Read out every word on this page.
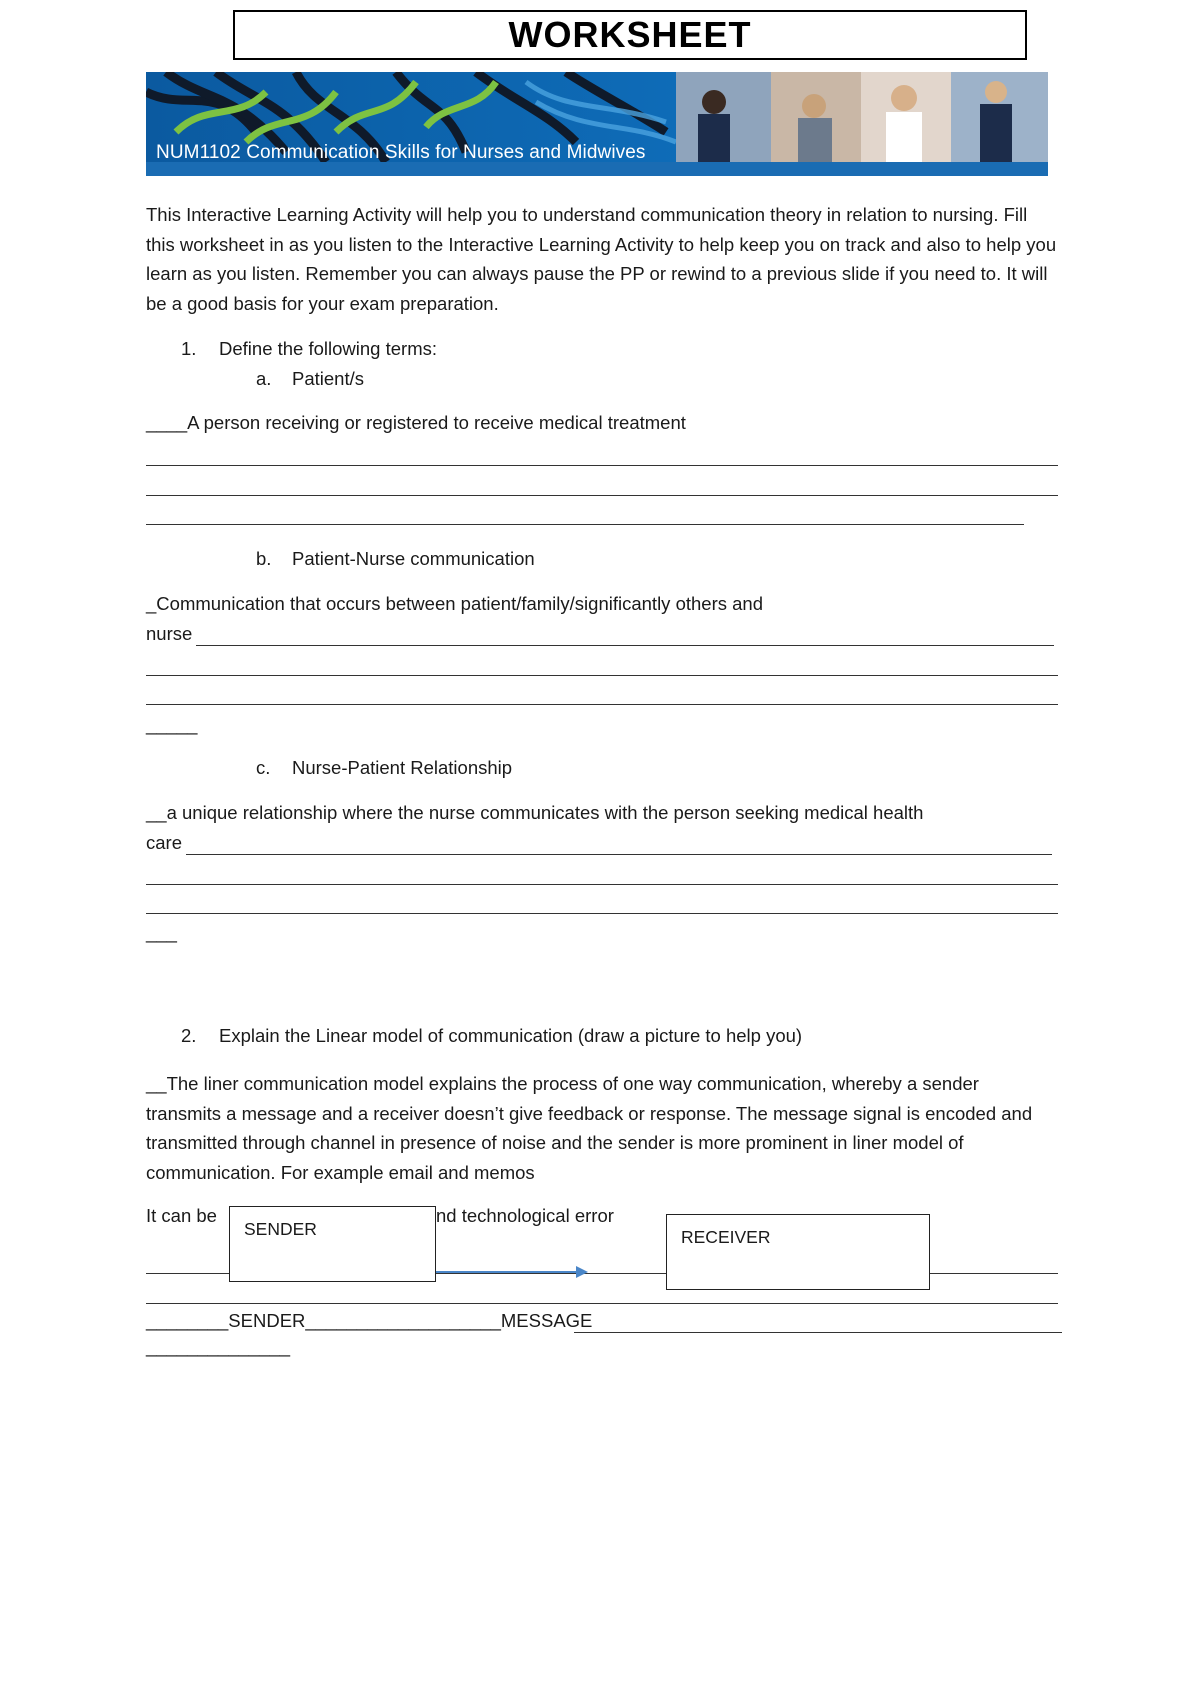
WORKSHEET
NUM1102 Communication Skills for Nurses and Midwives
This Interactive Learning Activity will help you to understand communication theory in relation to nursing. Fill this worksheet in as you listen to the Interactive Learning Activity to help keep you on track and also to help you learn as you listen. Remember you can always pause the PP or rewind to a previous slide if you need to. It will be a good basis for your exam preparation.
1. Define the following terms:
a. Patient/s
____A person receiving or registered to receive medical treatment
b. Patient-Nurse communication
_Communication that occurs between patient/family/significantly others and
nurse
_____
c. Nurse-Patient Relationship
__a unique relationship where the nurse communicates with the person seeking medical health
care
___
2. Explain the Linear model of communication (draw a picture to help you)
__The liner communication model explains the process of one way communication, whereby a sender transmits a message and a receiver doesn’t give feedback or response. The message signal is encoded and transmitted through channel in presence of noise and the sender is more prominent in liner model of communication. For example email and memos
It can be	nd technological error
SENDER	RECEIVER
________SENDER___________________MESSAGE
______________
